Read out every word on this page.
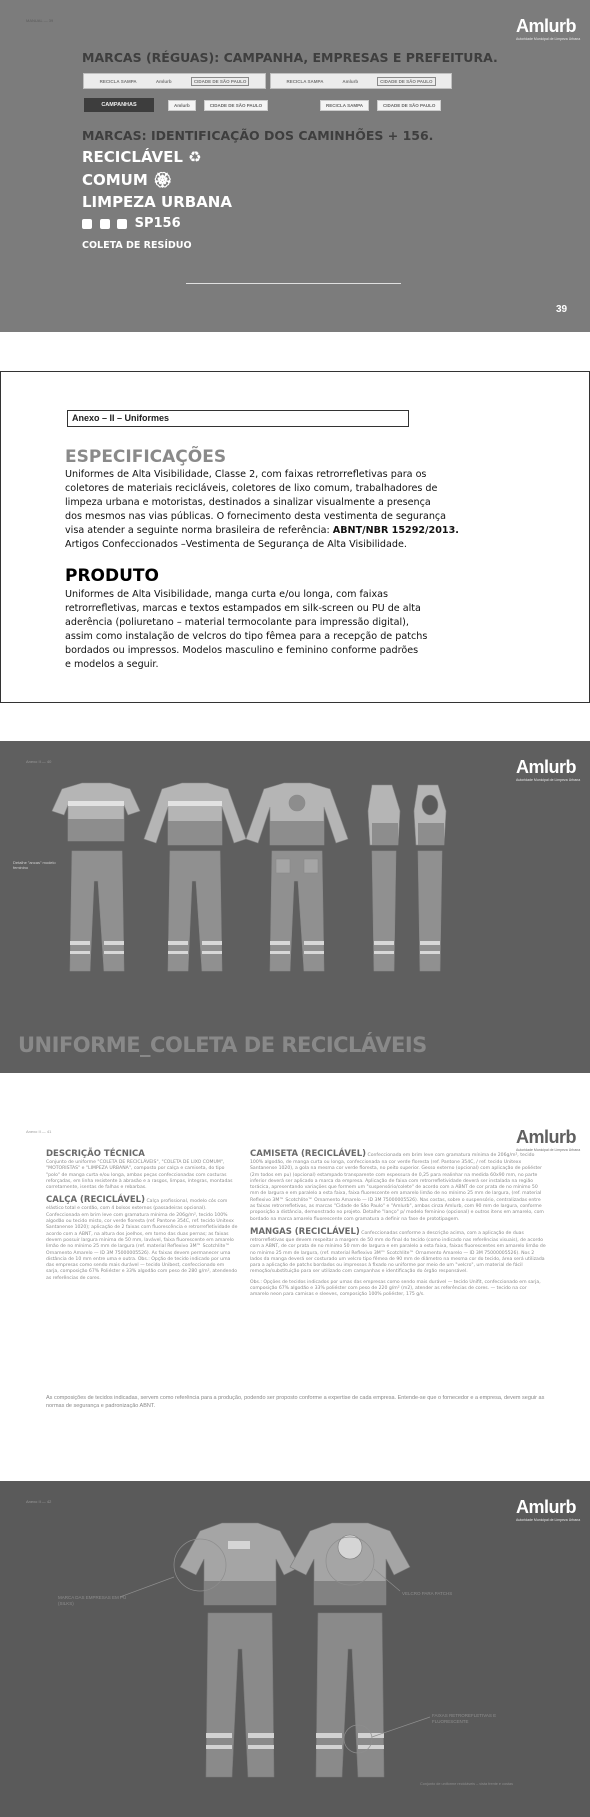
MANUAL — 39	Amlurb
Autoridade Municipal de Limpeza Urbana
MARCAS (RÉGUAS): CAMPANHA, EMPRESAS E PREFEITURA.
RECICLA SAMPA	Amlurb	CIDADE DE SÃO PAULO	RECICLA SAMPA	Amlurb	CIDADE DE SÃO PAULO
CAMPANHAS	Amlurb	CIDADE DE SÃO PAULO	RECICLA SAMPA	CIDADE DE SÃO PAULO
MARCAS: IDENTIFICAÇÃO DOS CAMINHÕES + 156.
RECICLÁVEL ♻
COMUM 🏵
LIMPEZA URBANA
SP156
COLETA DE RESÍDUO
39
Anexo – II – Uniformes
ESPECIFICAÇÕES
Uniformes de Alta Visibilidade, Classe 2, com faixas retrorrefletivas para os
coletores de materiais recicláveis, coletores de lixo comum, trabalhadores de
limpeza urbana e motoristas, destinados a sinalizar visualmente a presença
dos mesmos nas vias públicas. O fornecimento desta vestimenta de segurança
visa atender a seguinte norma brasileira de referência: ABNT/NBR 15292/2013.
Artigos Confeccionados –Vestimenta de Segurança de Alta Visibilidade.
PRODUTO
Uniformes de Alta Visibilidade, manga curta e/ou longa, com faixas
retrorrefletivas, marcas e textos estampados em silk-screen ou PU de alta
aderência (poliuretano – material termocolante para impressão digital),
assim como instalação de velcros do tipo fêmea para a recepção de patchs
bordados ou impressos. Modelos masculino e feminino conforme padrões
e modelos a seguir.
Anexo II — 40	Amlurb
Autoridade Municipal de Limpeza Urbana
Detalhe "ancas" modelo feminino
UNIFORME_COLETA DE RECICLÁVEIS
Anexo II — 41	Amlurb
Autoridade Municipal de Limpeza Urbana
DESCRIÇÃO TÉCNICA

Conjunto de uniforme "COLETA DE RECICLÁVEIS", "COLETA DE LIXO COMUM", "MOTORISTAS" e "LIMPEZA URBANA", composto por calça e camiseta, do tipo "polo" de manga curta e/ou longa, ambas peças confeccionadas com costuras reforçadas, em linha resistente à abrasão e a rasgos, limpas, íntegras, montadas corretamente, isentas de falhas e rebarbas.

CALÇA (RECICLÁVEL) Calça profissional, modelo cós com elástico total e cordão, com 4 bolsos externos (passadeiras opcional). Confeccionada em brim leve com gramatura mínima de 206g/m², tecido 100% algodão ou tecido misto, cor verde floresta (ref. Pantone 354C, ref. tecido Unitexx Santanense 1020); aplicação de 2 faixas com fluorescência e retrorrefletividade de acordo com a ABNT, na altura dos joelhos, em torno das duas pernas; as faixas devem possuir largura mínima de 50 mm, lavável, faixa fluorescente em amarelo limão de no mínimo 25 mm de largura (ref. material Reflexivo 3M™ Scotchlite™ Ornamento Amarelo — ID 3M 75000005526). As faixas devem permanecer uma distância de 10 mm entre uma e outra. Obs.: Opção de tecido indicado por uma das empresas como sendo mais durável — tecido Unibest, confeccionado em sarja, composição 67% Poliéster e 33% algodão com peso de 280 g/m², atendendo as referências de cores.
CAMISETA (RECICLÁVEL) Confeccionada em brim leve com gramatura mínima de 206g/m², tecido 100% algodão, de manga curta ou longa, confeccionada na cor verde floresta (ref. Pantone 354C, / ref. tecido Unitexx Santanense 1020), a gola na mesma cor verde floresta, no peito superior. Gesso externo (opcional) com aplicação de poliéster (2m todos em pu) (opcional) estampado transparente com espessura de 0,25 para realinhar na medida 60x90 mm, no parte inferior deverá ser aplicado a marca da empresa. Aplicação de faixa com retrorrefletividade deverá ser instalada na região torácica, apresentando variações que formem um "suspensório/colete" de acordo com a ABNT de cor prata de no mínimo 50 mm de largura e em paralelo a esta faixa, faixa fluorescente em amarelo limão de no mínimo 25 mm de largura, (ref. material Reflexivo 3M™ Scotchlite™ Ornamento Amarelo — ID 3M 75000005526). Nas costas, sobre o suspensório, centralizadas entre as faixas retrorrefletivas, as marcas "Cidade de São Paulo" e "Amlurb", ambas cinza Amlurb, com 90 mm de largura, conforme proposição a distância, demonstrado no projeto. Detalhe "lanço" p/ modelo feminino (opcional) e outros itens em amarelo, com bordado na marca amarelo fluorescente com gramatura a definir na fase de prototipagem.
MANGAS (RECICLÁVEL) Confeccionadas conforme a descrição acima, com a aplicação de duas retrorrefletivas que devem respeitar a margem de 50 mm do final do tecido (como indicado nas referências visuais), de acordo com a ABNT, de cor prata de no mínimo 50 mm de largura e em paralelo a esta faixa, faixas fluorescentes em amarelo limão de no mínimo 25 mm de largura, (ref. material Reflexivo 3M™ Scotchlite™ Ornamento Amarelo — ID 3M 75000005526). Nos 2 lados da manga deverá ser costurado um velcro tipo fêmea de 90 mm de diâmetro na mesma cor do tecido, área será utilizada para a aplicação de patchs bordados ou impressos à fixado no uniforme por meio de um "velcro", um material de fácil remoção/substituição para ser utilizado com campanhas e identificação do órgão responsável.

Obs.: Opções de tecidos indicados por umas das empresas como sendo mais durável — tecido Unifit, confeccionado em sarja, composição 67% algodão e 33% poliéster com peso de 220 g/m² (m2), atender as referências de cores. — tecido na cor amarelo neon para camisas e sleeves, composição 100% poliéster, 175 g/s.

As composições de tecidos indicadas, servem como referência para a produção, podendo ser proposto conforme a expertise de cada empresa. Entende-se que o fornecedor e a empresa, devem seguir as normas de segurança e padronização ABNT.
Anexo II — 42	Amlurb
Autoridade Municipal de Limpeza Urbana
MARCA DAS EMPRESAS EM PU (SILKS)
VELCRO PARA PATCHS
FAIXAS RETROREFLETIVAS E FLUORESCENTE
Conjunto de uniforme recicláveis – vista frente e costas
